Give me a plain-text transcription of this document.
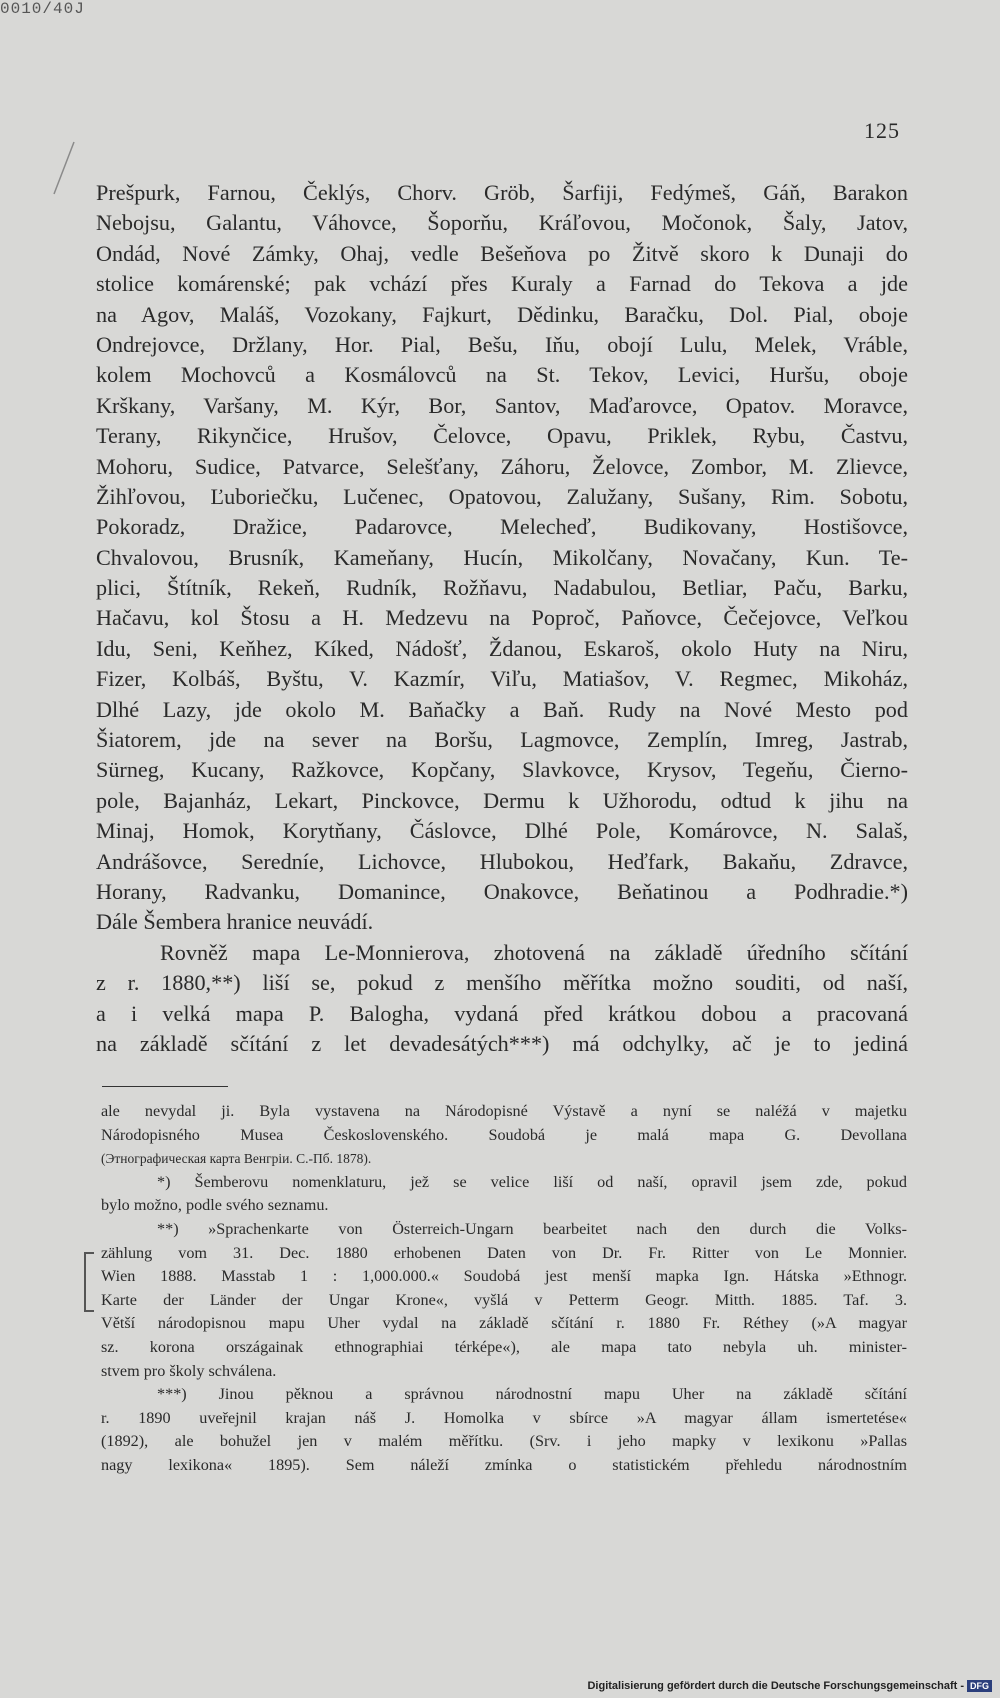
0010/40J
125
Prešpurk, Farnou, Čeklýs, Chorv. Gröb, Šarfiji, Fedýmeš, Gáň, Barakon
Nebojsu, Galantu, Váhovce, Šoporňu, Kráľovou, Močonok, Šaly, Jatov,
Ondád, Nové Zámky, Ohaj, vedle Bešeňova po Žitvě skoro k Dunaji do
stolice komárenské; pak vchází přes Kuraly a Farnad do Tekova a jde
na Agov, Maláš, Vozokany, Fajkurt, Dědinku, Baračku, Dol. Pial, oboje
Ondrejovce, Držlany, Hor. Pial, Bešu, Iňu, obojí Lulu, Melek, Vráble,
kolem Mochovců a Kosmálovců na St. Tekov, Levici, Huršu, oboje
Krškany, Varšany, M. Kýr, Bor, Santov, Maďarovce, Opatov. Moravce,
Terany, Rikynčice, Hrušov, Čelovce, Opavu, Priklek, Rybu, Častvu,
Mohoru, Sudice, Patvarce, Selešťany, Záhoru, Želovce, Zombor, M. Zlievce,
Žihľovou, Ľuboriečku, Lučenec, Opatovou, Zalužany, Sušany, Rim. Sobotu,
Pokoradz, Dražice, Padarovce, Melecheď, Budikovany, Hostišovce,
Chvalovou, Brusník, Kameňany, Hucín, Mikolčany, Novačany, Kun. Te-
plici, Štítník, Rekeň, Rudník, Rožňavu, Nadabulou, Betliar, Paču, Barku,
Hačavu, kol Štosu a H. Medzevu na Poproč, Paňovce, Čečejovce, Veľkou
Idu, Seni, Keňhez, Kíked, Nádošť, Ždanou, Eskaroš, okolo Huty na Niru,
Fizer, Kolbáš, Byštu, V. Kazmír, Viľu, Matiašov, V. Regmec, Mikoház,
Dlhé Lazy, jde okolo M. Baňačky a Baň. Rudy na Nové Mesto pod
Šiatorem, jde na sever na Boršu, Lagmovce, Zemplín, Imreg, Jastrab,
Sürneg, Kucany, Ražkovce, Kopčany, Slavkovce, Krysov, Tegeňu, Čierno-
pole, Bajanház, Lekart, Pinckovce, Dermu k Užhorodu, odtud k jihu na
Minaj, Homok, Korytňany, Čáslovce, Dlhé Pole, Komárovce, N. Salaš,
Andrášovce, Seredníe, Lichovce, Hlubokou, Heďfark, Bakaňu, Zdravce,
Horany, Radvanku, Domanince, Onakovce, Beňatinou a Podhradie.*)
Dále Šembera hranice neuvádí.
Rovněž mapa Le-Monnierova, zhotovená na základě úředního sčítání
z r. 1880,**) liší se, pokud z menšího měřítka možno souditi, od naší,
a i velká mapa P. Balogha, vydaná před krátkou dobou a pracovaná
na základě sčítání z let devadesátých***) má odchylky, ač je to jediná
ale nevydal ji. Byla vystavena na Národopisné Výstavě a nyní se naléžá v majetku
Národopisného Musea Československého. Soudobá je malá mapa G. Devollana
(Этнографическая карта Венгрiи. С.-Пб. 1878).
*) Šemberovu nomenklaturu, jež se velice liší od naší, opravil jsem zde, pokud
bylo možno, podle svého seznamu.
**) »Sprachenkarte von Österreich-Ungarn bearbeitet nach den durch die Volks-
zählung vom 31. Dec. 1880 erhobenen Daten von Dr. Fr. Ritter von Le Monnier.
Wien 1888. Masstab 1 : 1,000.000.« Soudobá jest menší mapka Ign. Hátska »Ethnogr.
Karte der Länder der Ungar Krone«, vyšlá v Petterm Geogr. Mitth. 1885. Taf. 3.
Větší národopisnou mapu Uher vydal na základě sčítání r. 1880 Fr. Réthey (»A magyar
sz. korona országainak ethnographiai térképe«), ale mapa tato nebyla uh. minister-
stvem pro školy schválena.
***) Jinou pěknou a správnou národnostní mapu Uher na základě sčítání
r. 1890 uveřejnil krajan náš J. Homolka v sbírce »A magyar állam ismertetése«
(1892), ale bohužel jen v malém měřítku. (Srv. i jeho mapky v lexikonu »Pallas
nagy lexikona« 1895). Sem náleží zmínka o statistickém přehledu národnostním
Digitalisierung gefördert durch die Deutsche Forschungsgemeinschaft - DFG
